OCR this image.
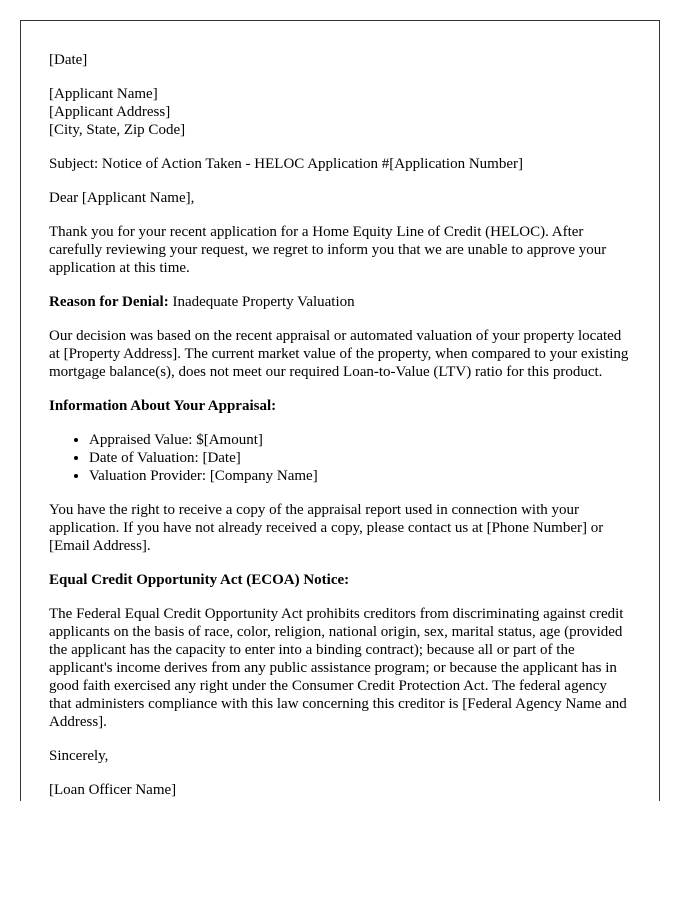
[Date]
[Applicant Name]
[Applicant Address]
[City, State, Zip Code]
Subject: Notice of Action Taken - HELOC Application #[Application Number]
Dear [Applicant Name],
Thank you for your recent application for a Home Equity Line of Credit (HELOC). After carefully reviewing your request, we regret to inform you that we are unable to approve your application at this time.
Reason for Denial: Inadequate Property Valuation
Our decision was based on the recent appraisal or automated valuation of your property located at [Property Address]. The current market value of the property, when compared to your existing mortgage balance(s), does not meet our required Loan-to-Value (LTV) ratio for this product.
Information About Your Appraisal:
• Appraised Value: $[Amount]
• Date of Valuation: [Date]
• Valuation Provider: [Company Name]
You have the right to receive a copy of the appraisal report used in connection with your application. If you have not already received a copy, please contact us at [Phone Number] or [Email Address].
Equal Credit Opportunity Act (ECOA) Notice:
The Federal Equal Credit Opportunity Act prohibits creditors from discriminating against credit applicants on the basis of race, color, religion, national origin, sex, marital status, age (provided the applicant has the capacity to enter into a binding contract); because all or part of the applicant's income derives from any public assistance program; or because the applicant has in good faith exercised any right under the Consumer Credit Protection Act. The federal agency that administers compliance with this law concerning this creditor is [Federal Agency Name and Address].
Sincerely,
[Loan Officer Name]
